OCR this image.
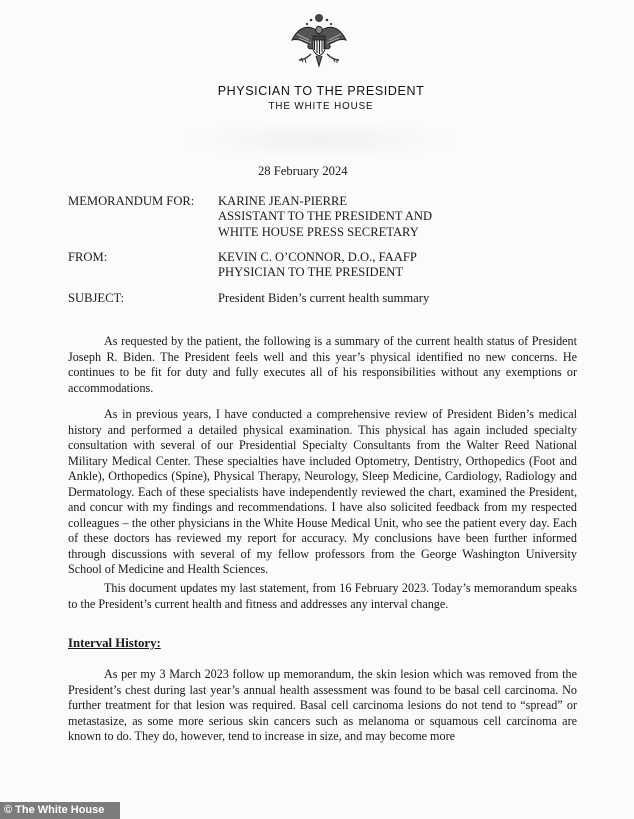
PHYSICIAN TO THE PRESIDENT
THE WHITE HOUSE
28 February 2024
MEMORANDUM FOR: KARINE JEAN-PIERRE
ASSISTANT TO THE PRESIDENT AND
WHITE HOUSE PRESS SECRETARY
FROM:	KEVIN C. O’CONNOR, D.O., FAAFP
PHYSICIAN TO THE PRESIDENT
SUBJECT:	President Biden’s current health summary

As requested by the patient, the following is a summary of the current health status of President Joseph R. Biden. The President feels well and this year’s physical identified no new concerns. He continues to be fit for duty and fully executes all of his responsibilities without any exemptions or accommodations.

As in previous years, I have conducted a comprehensive review of President Biden’s medical history and performed a detailed physical examination. This physical has again included specialty consultation with several of our Presidential Specialty Consultants from the Walter Reed National Military Medical Center. These specialties have included Optometry, Dentistry, Orthopedics (Foot and Ankle), Orthopedics (Spine), Physical Therapy, Neurology, Sleep Medicine, Cardiology, Radiology and Dermatology. Each of these specialists have independently reviewed the chart, examined the President, and concur with my findings and recommendations. I have also solicited feedback from my respected colleagues – the other physicians in the White House Medical Unit, who see the patient every day. Each of these doctors has reviewed my report for accuracy. My conclusions have been further informed through discussions with several of my fellow professors from the George Washington University School of Medicine and Health Sciences.

This document updates my last statement, from 16 February 2023. Today’s memorandum speaks to the President’s current health and fitness and addresses any interval change.

Interval History:

As per my 3 March 2023 follow up memorandum, the skin lesion which was removed from the President’s chest during last year’s annual health assessment was found to be basal cell carcinoma. No further treatment for that lesion was required. Basal cell carcinoma lesions do not tend to “spread” or metastasize, as some more serious skin cancers such as melanoma or squamous cell carcinoma are known to do. They do, however, tend to increase in size, and may become more

© The White House
